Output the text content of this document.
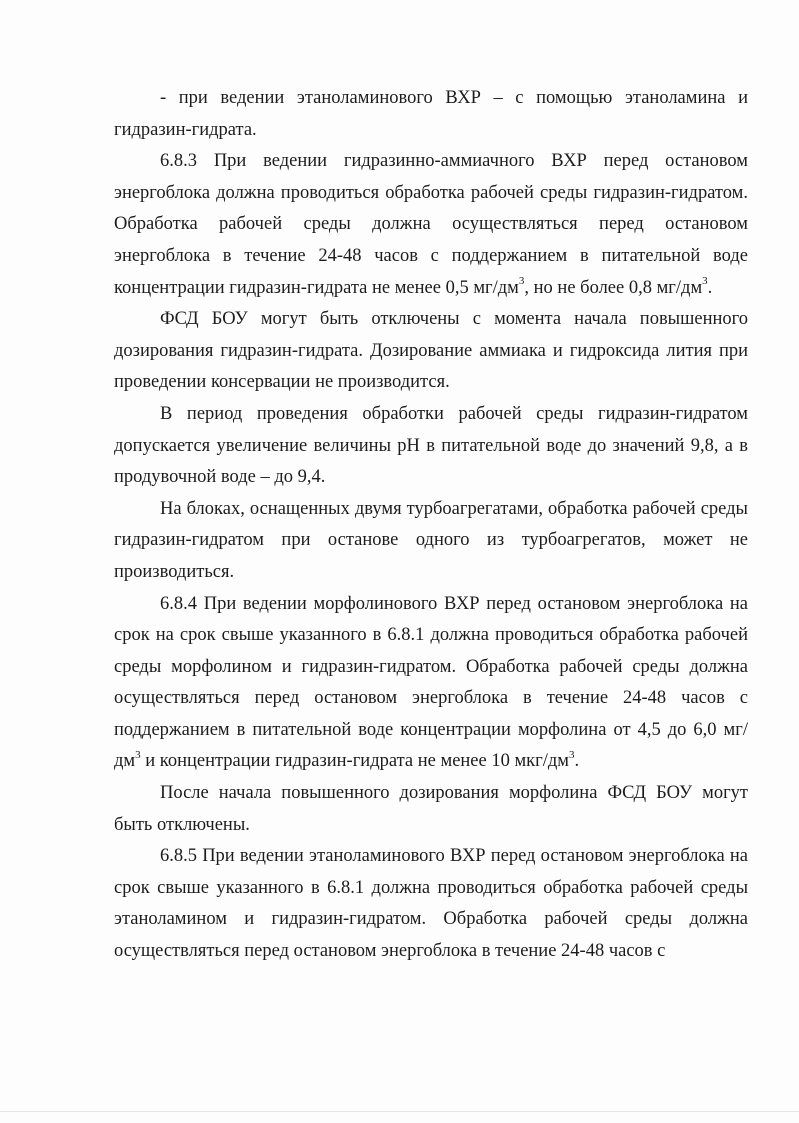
- при ведении этаноламинового ВХР – с помощью этаноламина и гидразин-гидрата.

6.8.3 При ведении гидразинно-аммиачного ВХР перед остановом энергоблока должна проводиться обработка рабочей среды гидразин-гидратом. Обработка рабочей среды должна осуществляться перед остановом энергоблока в течение 24-48 часов с поддержанием в питательной воде концентрации гидразин-гидрата не менее 0,5 $мг/дм^3$, но не более 0,8 $мг/дм^3$.

ФСД БОУ могут быть отключены с момента начала повышенного дозирования гидразин-гидрата. Дозирование аммиака и гидроксида лития при проведении консервации не производится.

В период проведения обработки рабочей среды гидразин-гидратом допускается увеличение величины pH в питательной воде до значений 9,8, а в продувочной воде – до 9,4.

На блоках, оснащенных двумя турбоагрегатами, обработка рабочей среды гидразин-гидратом при останове одного из турбоагрегатов, может не производиться.

6.8.4 При ведении морфолинового ВХР перед остановом энергоблока на срок на срок свыше указанного в 6.8.1 должна проводиться обработка рабочей среды морфолином и гидразин-гидратом. Обработка рабочей среды должна осуществляться перед остановом энергоблока в течение 24-48 часов с поддержанием в питательной воде концентрации морфолина от 4,5 до 6,0 $мг/дм^3$ и концентрации гидразин-гидрата не менее 10 мкг/$дм^3$.

После начала повышенного дозирования морфолина ФСД БОУ могут быть отключены.

6.8.5 При ведении этаноламинового ВХР перед остановом энергоблока на срок свыше указанного в 6.8.1 должна проводиться обработка рабочей среды этаноламином и гидразин-гидратом. Обработка рабочей среды должна осуществляться перед остановом энергоблока в течение 24-48 часов с
